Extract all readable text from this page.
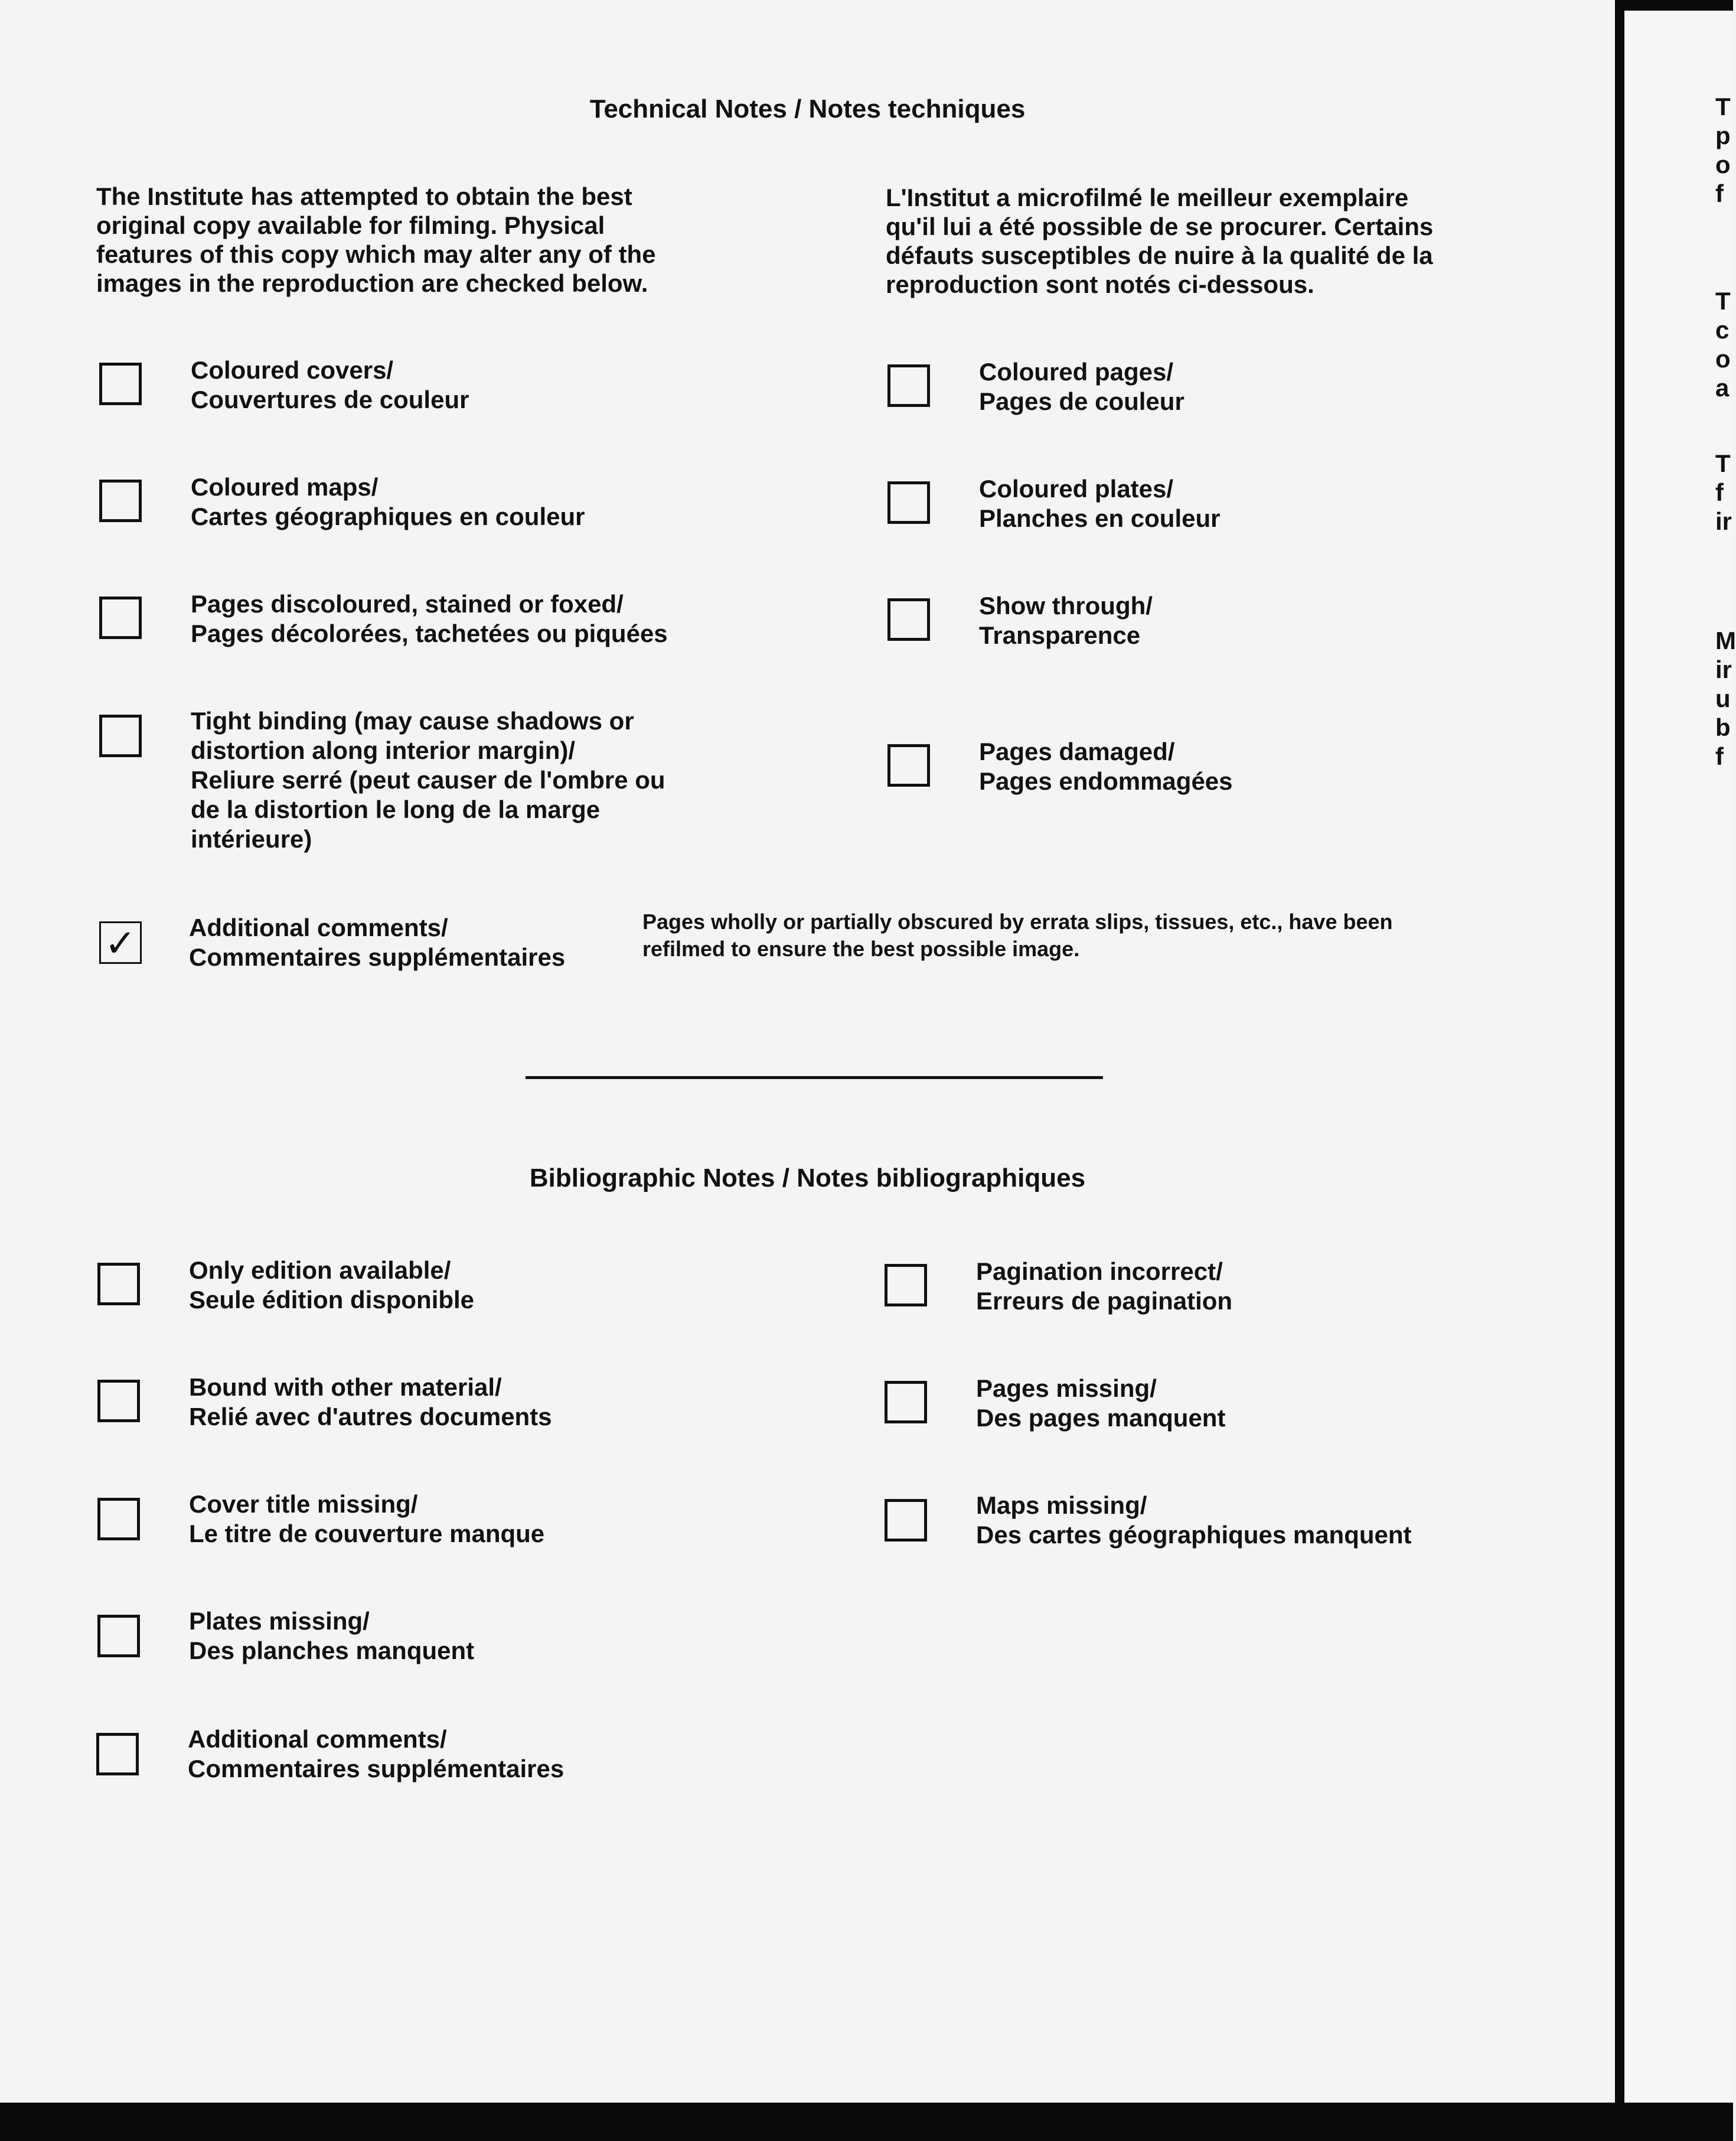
Technical Notes / Notes techniques
The Institute has attempted to obtain the best
original copy available for filming. Physical
features of this copy which may alter any of the
images in the reproduction are checked below.
L'Institut a microfilmé le meilleur exemplaire
qu'il lui a été possible de se procurer. Certains
défauts susceptibles de nuire à la qualité de la
reproduction sont notés ci-dessous.
Coloured covers/
Couvertures de couleur
Coloured maps/
Cartes géographiques en couleur
Pages discoloured, stained or foxed/
Pages décolorées, tachetées ou piquées
Tight binding (may cause shadows or
distortion along interior margin)/
Reliure serré (peut causer de l'ombre ou
de la distortion le long de la marge
intérieure)
✓ Additional comments/
Commentaires supplémentaires
Pages wholly or partially obscured by errata slips, tissues, etc., have been
refilmed to ensure the best possible image.
Coloured pages/
Pages de couleur
Coloured plates/
Planches en couleur
Show through/
Transparence
Pages damaged/
Pages endommagées
Bibliographic Notes / Notes bibliographiques
Only edition available/
Seule édition disponible
Bound with other material/
Relié avec d'autres documents
Cover title missing/
Le titre de couverture manque
Plates missing/
Des planches manquent
Additional comments/
Commentaires supplémentaires
Pagination incorrect/
Erreurs de pagination
Pages missing/
Des pages manquent
Maps missing/
Des cartes géographiques manquent
T
p
o
f
T
c
o
a
T
f
ir
M
ir
u
b
f
